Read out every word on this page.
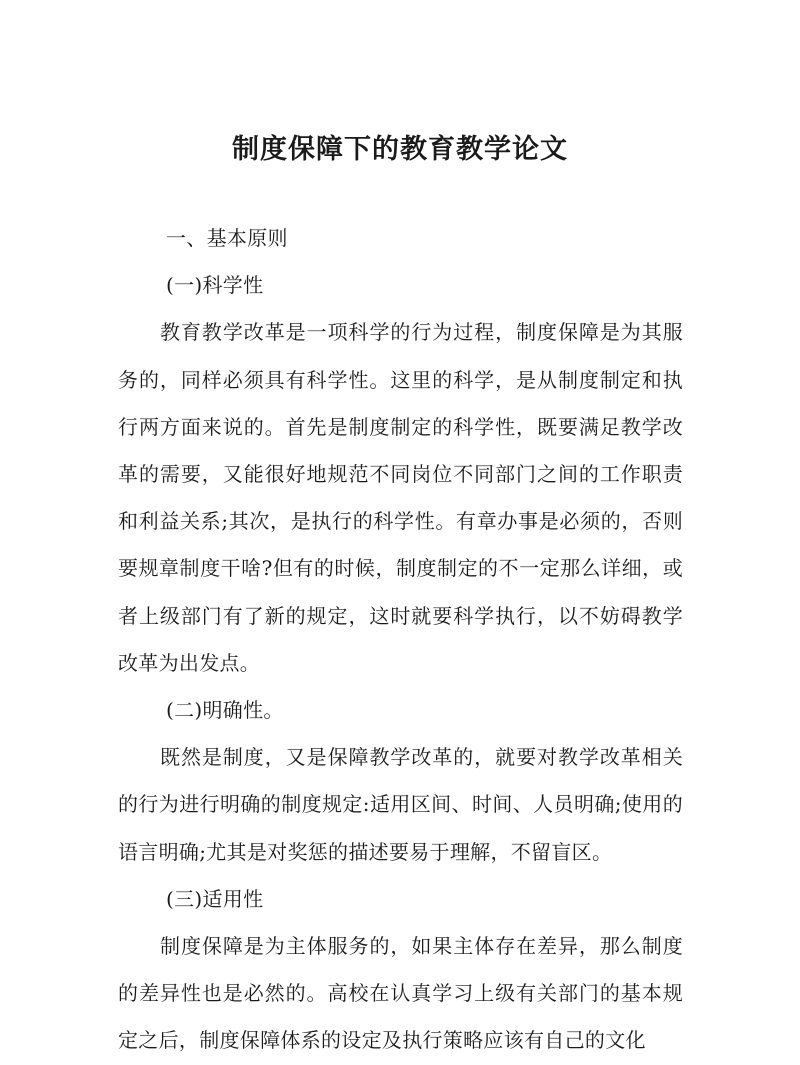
制度保障下的教育教学论文

一、基本原则

(一)科学性

教育教学改革是一项科学的行为过程，制度保障是为其服务的，同样必须具有科学性。这里的科学，是从制度制定和执行两方面来说的。首先是制度制定的科学性，既要满足教学改革的需要，又能很好地规范不同岗位不同部门之间的工作职责和利益关系;其次，是执行的科学性。有章办事是必须的，否则要规章制度干啥?但有的时候，制度制定的不一定那么详细，或者上级部门有了新的规定，这时就要科学执行，以不妨碍教学改革为出发点。

(二)明确性。

既然是制度，又是保障教学改革的，就要对教学改革相关的行为进行明确的制度规定:适用区间、时间、人员明确;使用的语言明确;尤其是对奖惩的描述要易于理解，不留盲区。

(三)适用性

制度保障是为主体服务的，如果主体存在差异，那么制度的差异性也是必然的。高校在认真学习上级有关部门的基本规定之后，制度保障体系的设定及执行策略应该有自己的文化
